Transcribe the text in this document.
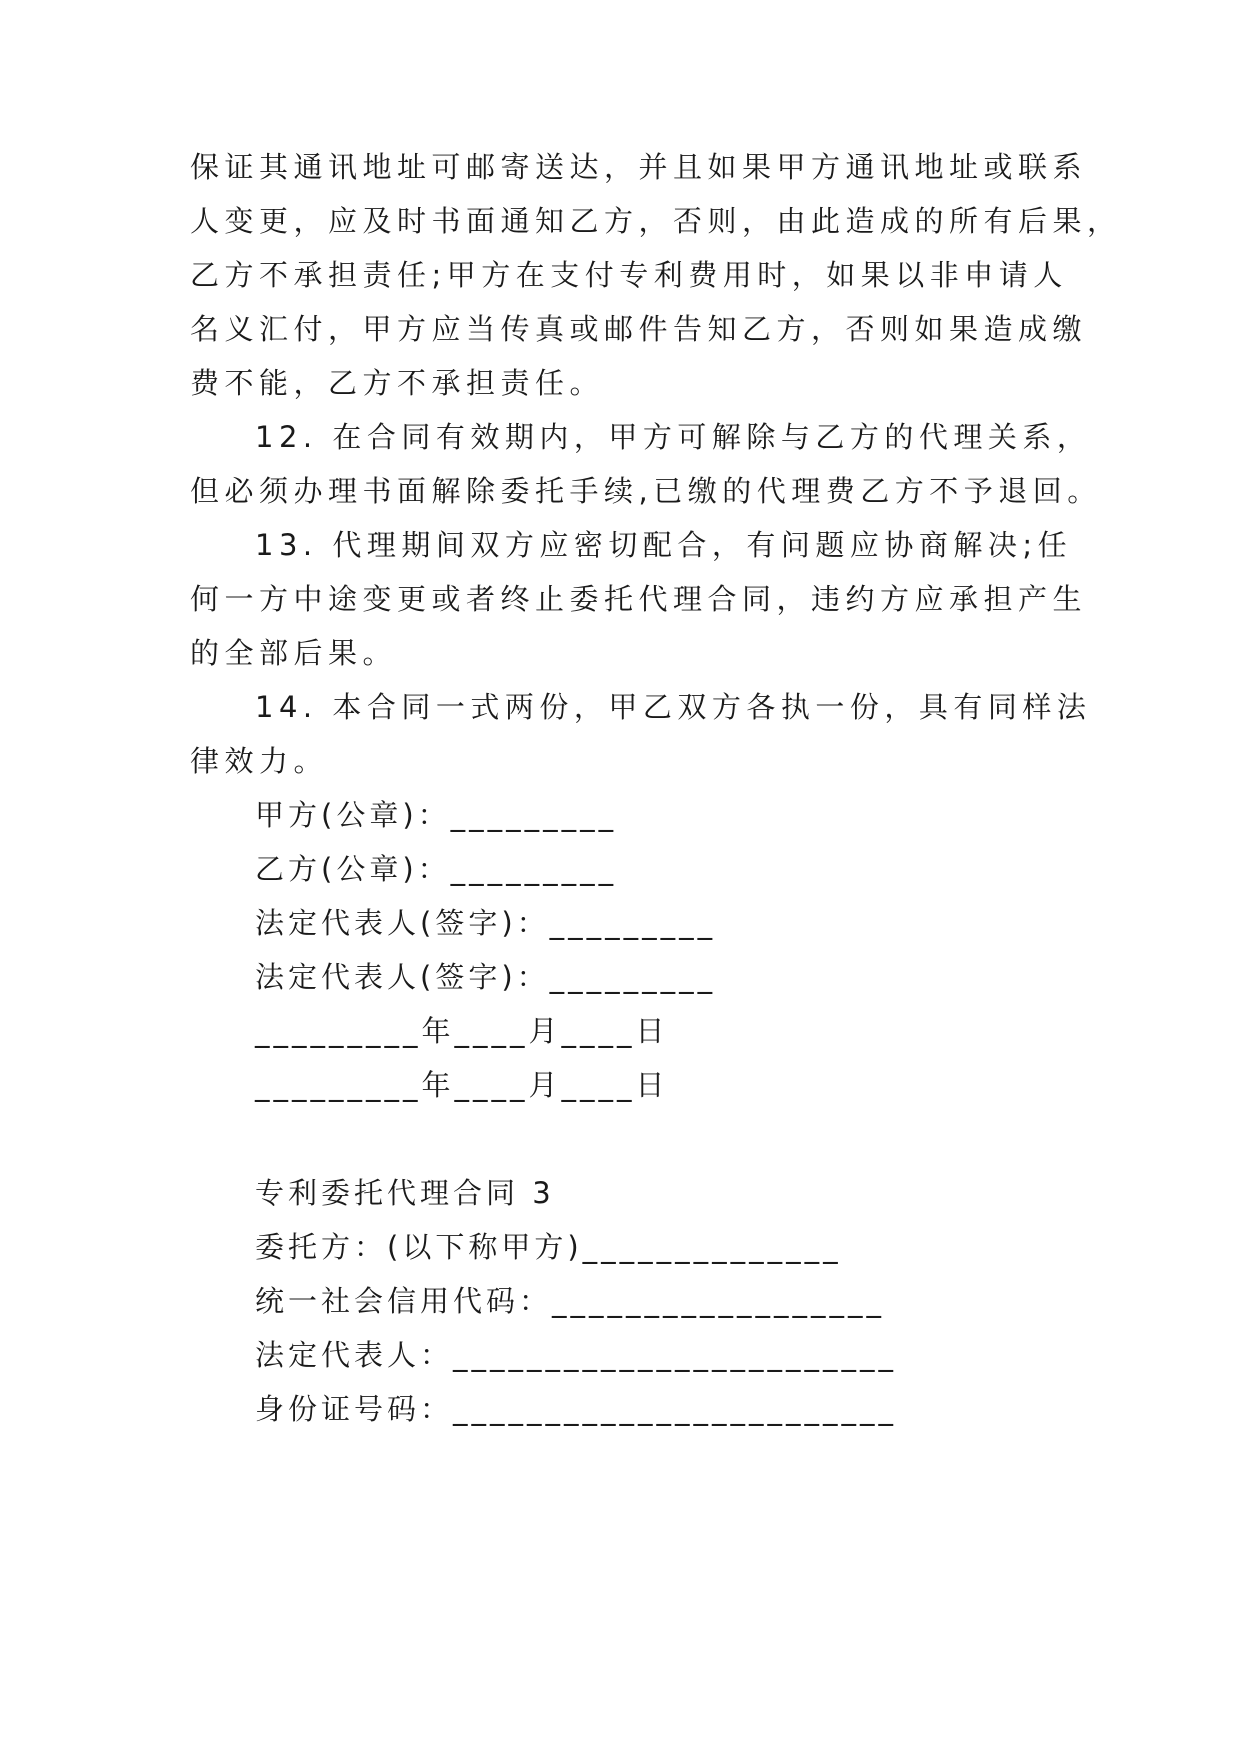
保证其通讯地址可邮寄送达，并且如果甲方通讯地址或联系
人变更，应及时书面通知乙方，否则，由此造成的所有后果，
乙方不承担责任;甲方在支付专利费用时，如果以非申请人
名义汇付，甲方应当传真或邮件告知乙方，否则如果造成缴
费不能，乙方不承担责任。
12. 在合同有效期内，甲方可解除与乙方的代理关系，
但必须办理书面解除委托手续,已缴的代理费乙方不予退回。
13. 代理期间双方应密切配合，有问题应协商解决;任
何一方中途变更或者终止委托代理合同，违约方应承担产生
的全部后果。
14. 本合同一式两份，甲乙双方各执一份，具有同样法
律效力。
甲方(公章)：_________
乙方(公章)：_________
法定代表人(签字)：_________
法定代表人(签字)：_________
_________年____月____日
_________年____月____日
专利委托代理合同 3
委托方：(以下称甲方)______________
统一社会信用代码：__________________
法定代表人：________________________
身份证号码：________________________
